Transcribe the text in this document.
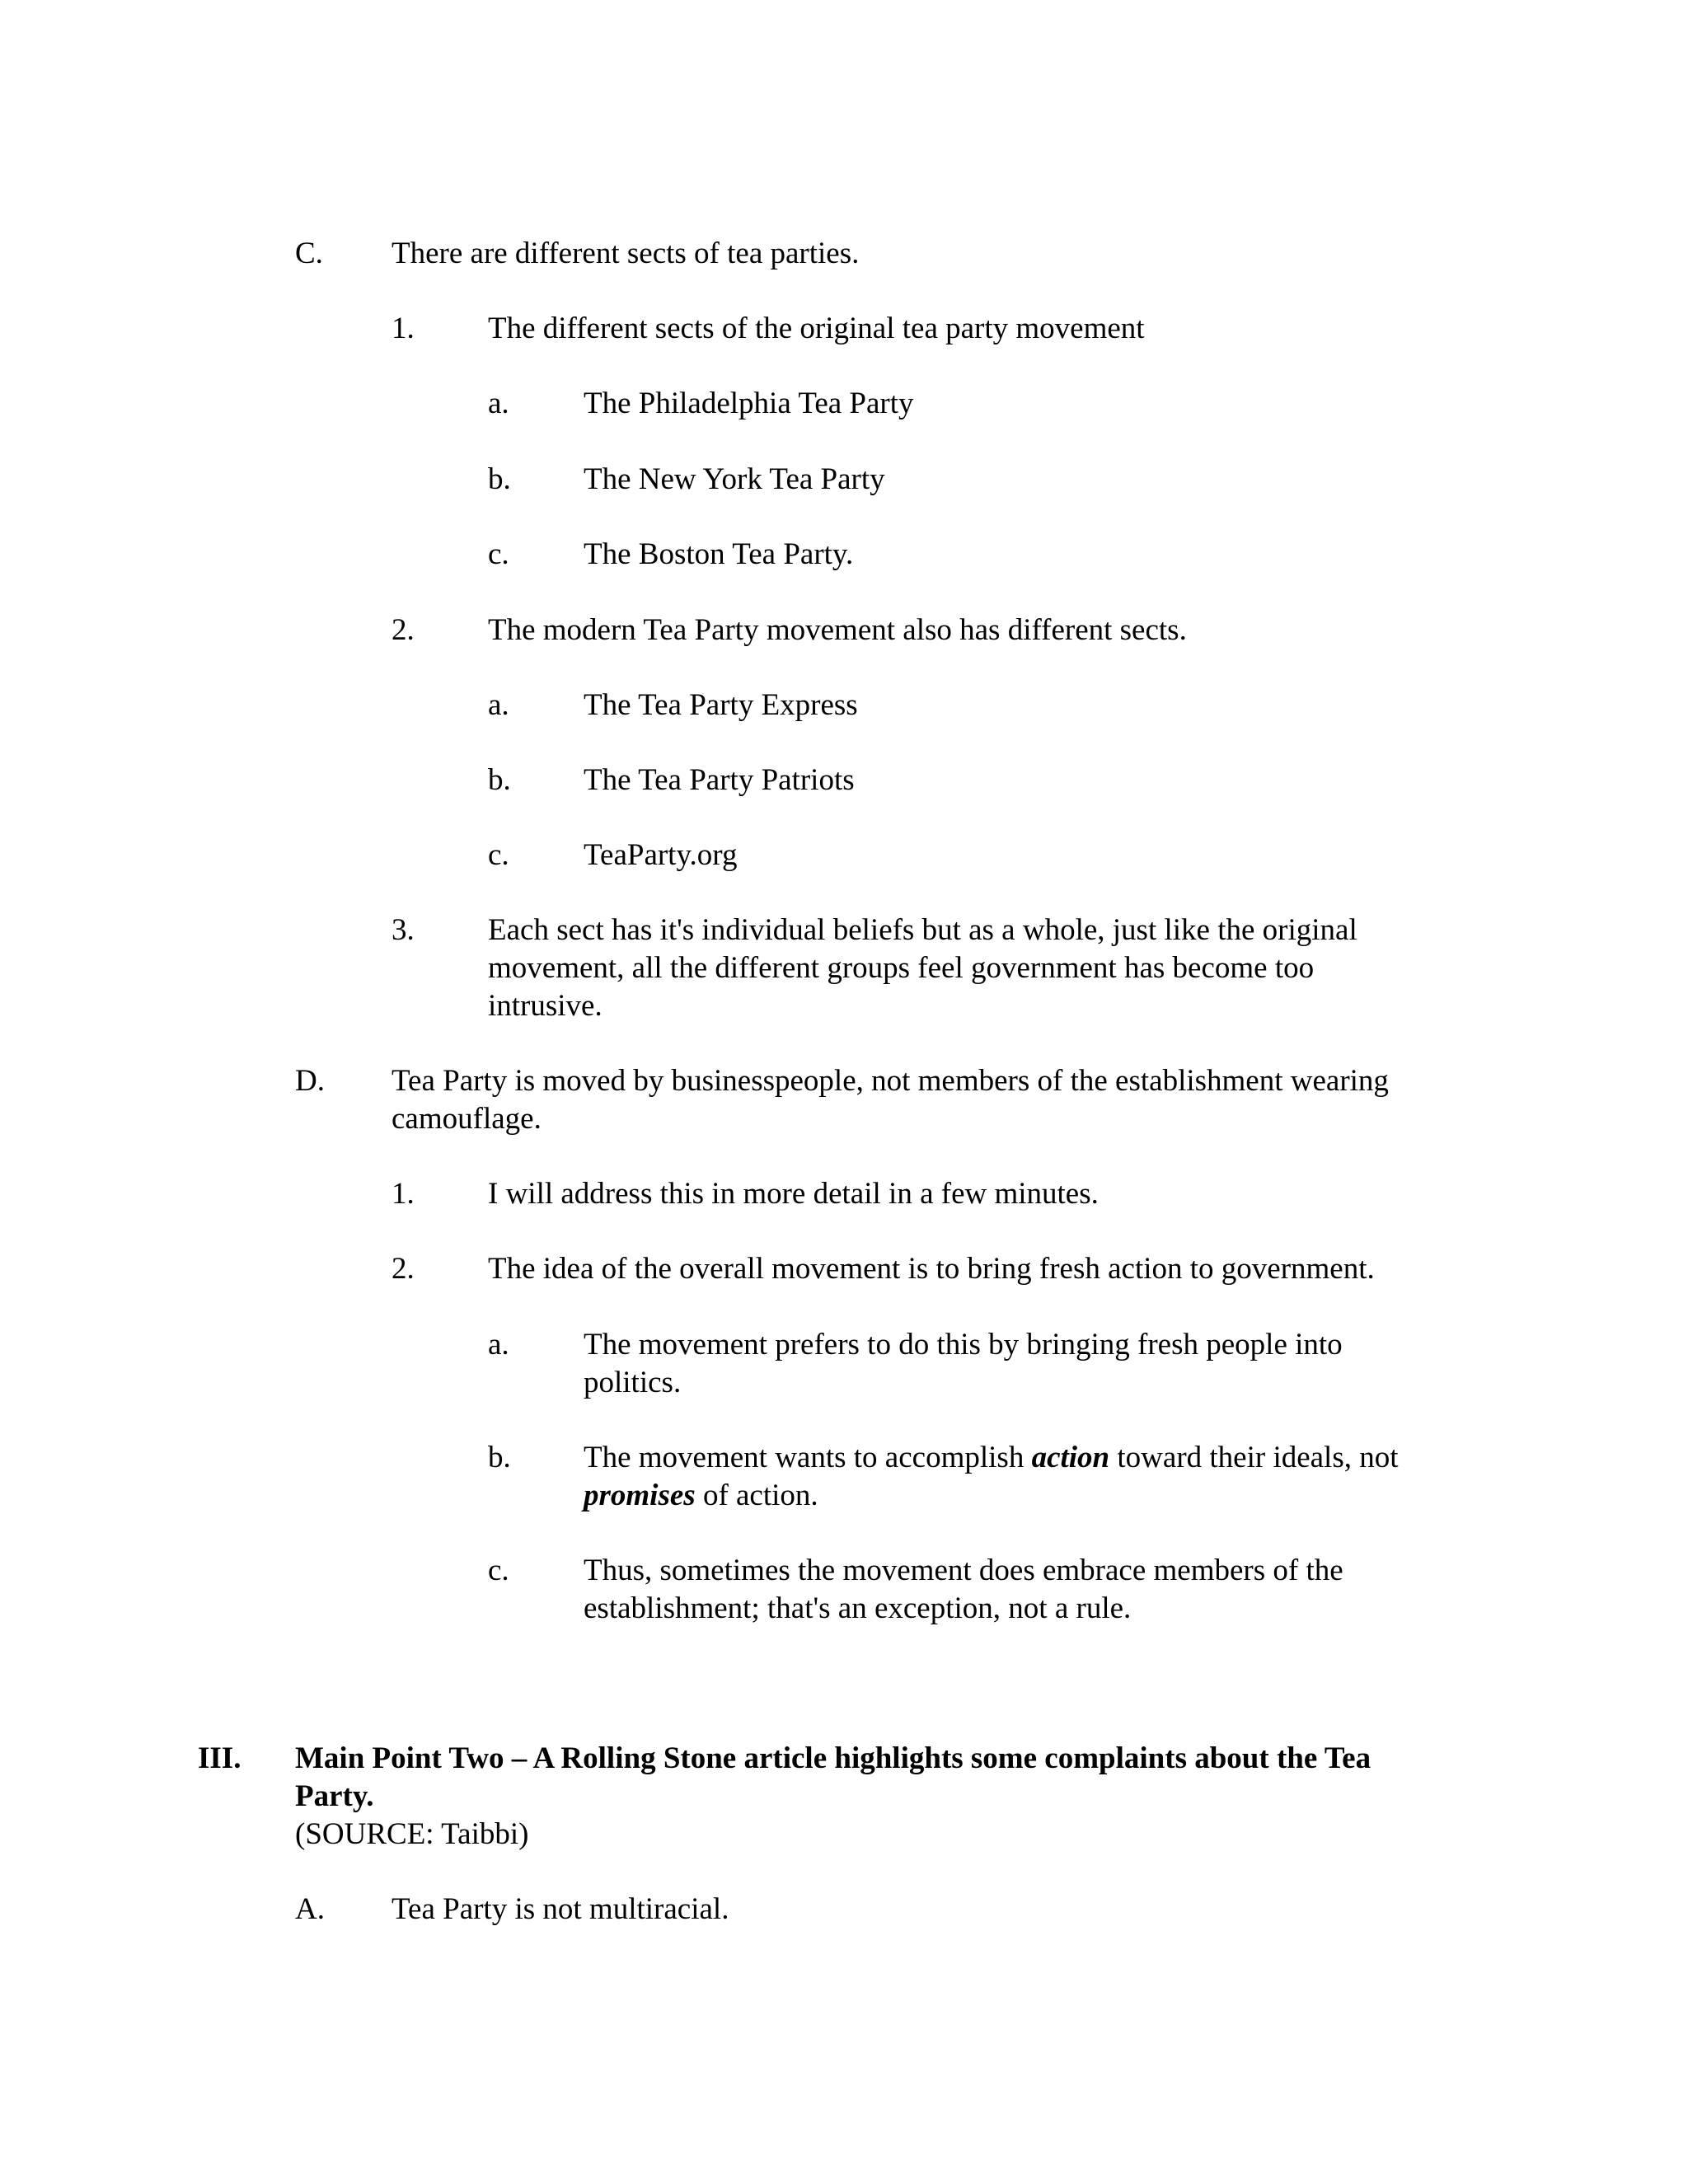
C. There are different sects of tea parties.
1. The different sects of the original tea party movement
a. The Philadelphia Tea Party
b. The New York Tea Party
c. The Boston Tea Party.
2. The modern Tea Party movement also has different sects.
a. The Tea Party Express
b. The Tea Party Patriots
c. TeaParty.org
3. Each sect has it's individual beliefs but as a whole, just like the original
movement, all the different groups feel government has become too
intrusive.
D. Tea Party is moved by businesspeople, not members of the establishment wearing
camouflage.
1. I will address this in more detail in a few minutes.
2. The idea of the overall movement is to bring fresh action to government.
a. The movement prefers to do this by bringing fresh people into
politics.
b. The movement wants to accomplish action toward their ideals, not
promises of action.
c. Thus, sometimes the movement does embrace members of the
establishment; that's an exception, not a rule.
III. Main Point Two – A Rolling Stone article highlights some complaints about the Tea
Party.
(SOURCE: Taibbi)
A. Tea Party is not multiracial.
